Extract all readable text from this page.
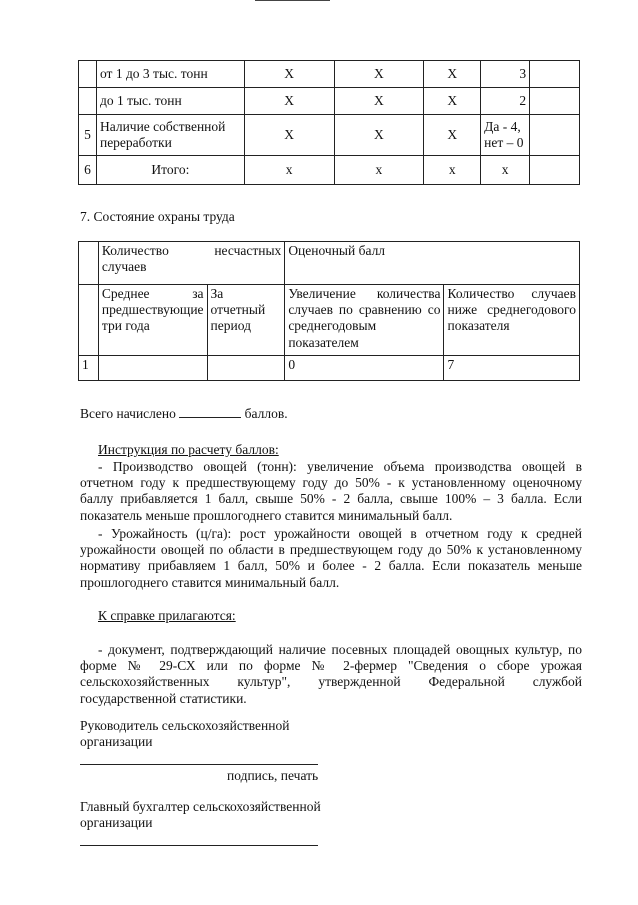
	от 1 до 3 тыс. тонн	X	X	X	3	
	до 1 тыс. тонн	X	X	X	2	
5	Наличие собственной переработки	X	X	X	Да - 4, нет – 0	
6	Итого:	х	х	х	х	
7. Состояние охраны труда
	Количество несчастных случаев		Оценочный балл	
	Среднее за предшествующие три года	За отчетный период	Увеличение количества случаев по сравнению со среднегодовым показателем	Количество случаев ниже среднегодового показателя
1			0	7
Всего начислено	баллов.
Инструкция по расчету баллов:
- Производство овощей (тонн): увеличение объема производства овощей в отчетном году к предшествующему году до 50% - к установленному оценочному баллу прибавляется 1 балл, свыше 50% - 2 балла, свыше 100% – 3 балла. Если показатель меньше прошлогоднего ставится минимальный балл.
- Урожайность (ц/га): рост урожайности овощей в отчетном году к средней урожайности овощей по области в предшествующем году до 50% к установленному нормативу прибавляем 1 балл, 50% и более - 2 балла. Если показатель меньше прошлогоднего ставится минимальный балл.
К справке прилагаются:
- документ, подтверждающий наличие посевных площадей овощных культур, по форме № 29-СХ или по форме № 2-фермер "Сведения о сборе урожая сельскохозяйственных культур", утвержденной Федеральной службой государственной статистики.
Руководитель сельскохозяйственной организации
подпись, печать
Главный бухгалтер сельскохозяйственной организации
